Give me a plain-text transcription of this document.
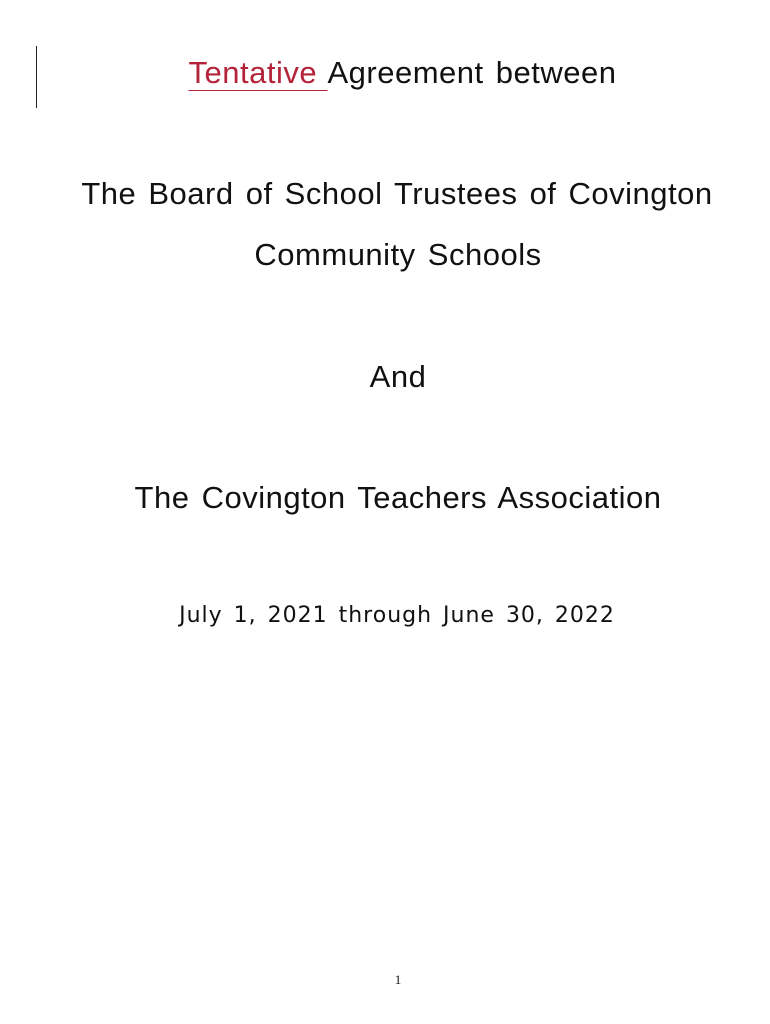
Tentative Agreement between
The Board of School Trustees of Covington
Community Schools
And
The Covington Teachers Association
July 1, 2021 through June 30, 2022
1
